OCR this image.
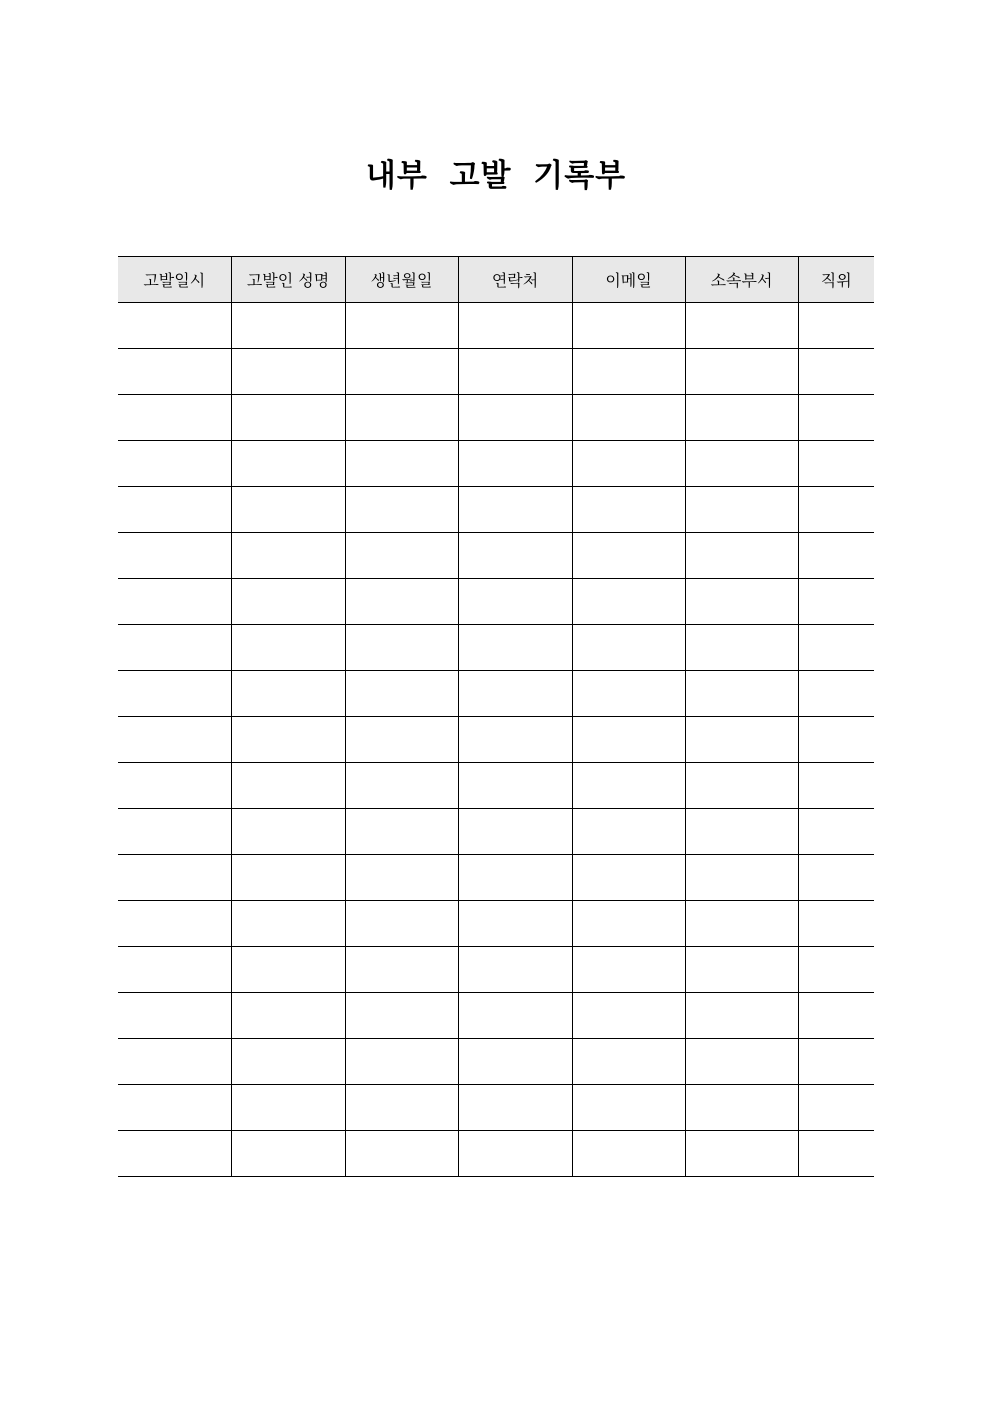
내부 고발 기록부
고발일시	고발인 성명	생년월일	연락처	이메일	소속부서	직위
